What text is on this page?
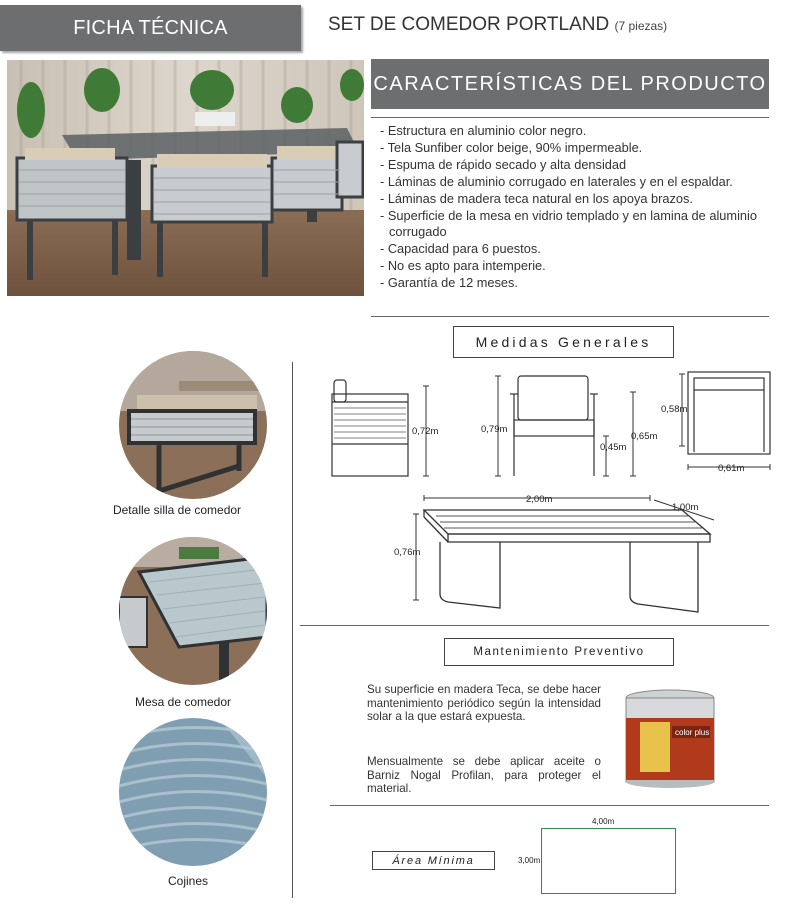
FICHA TÉCNICA	SET DE COMEDOR PORTLAND (7 piezas)
CARACTERÍSTICAS DEL PRODUCTO
- Estructura en aluminio color negro.
- Tela Sunfiber color beige, 90% impermeable.
- Espuma de rápido secado y alta densidad
- Láminas de aluminio corrugado en laterales y en el espaldar.
- Láminas de madera teca natural en los apoya brazos.
- Superficie de la mesa en vidrio templado y en lamina de aluminio corrugado
- Capacidad para 6 puestos.
- No es apto para intemperie.
- Garantía de 12 meses.
Medidas Generales
Detalle silla de comedor
Mesa de comedor
Cojines
0,72m	0,79m
0,45m
0,65m
0,58m
0,61m
2,00m
1,00m
0,76m
Mantenimiento Preventivo
Su superficie en madera Teca, se debe hacer mantenimiento periódico según la intensidad solar a la que estará expuesta.
Mensualmente se debe aplicar aceite o Barniz Nogal Profilan, para proteger el material.
color plus
Área Mínima
4,00m
3,00m
